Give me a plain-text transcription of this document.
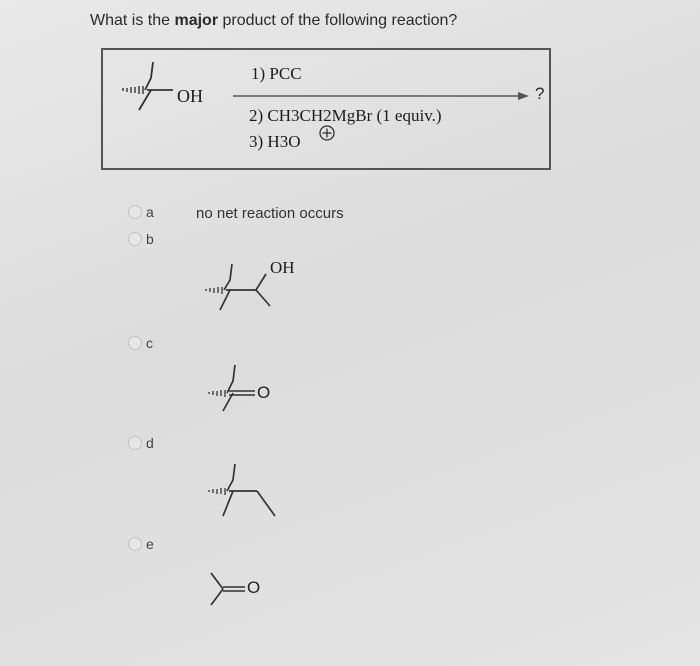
What is the major product of the following reaction?
OH
1) PCC
2) CH3CH2MgBr (1 equiv.)
3) H3O
?
a	no net reaction occurs
b
OH
c
O
d
e
O
